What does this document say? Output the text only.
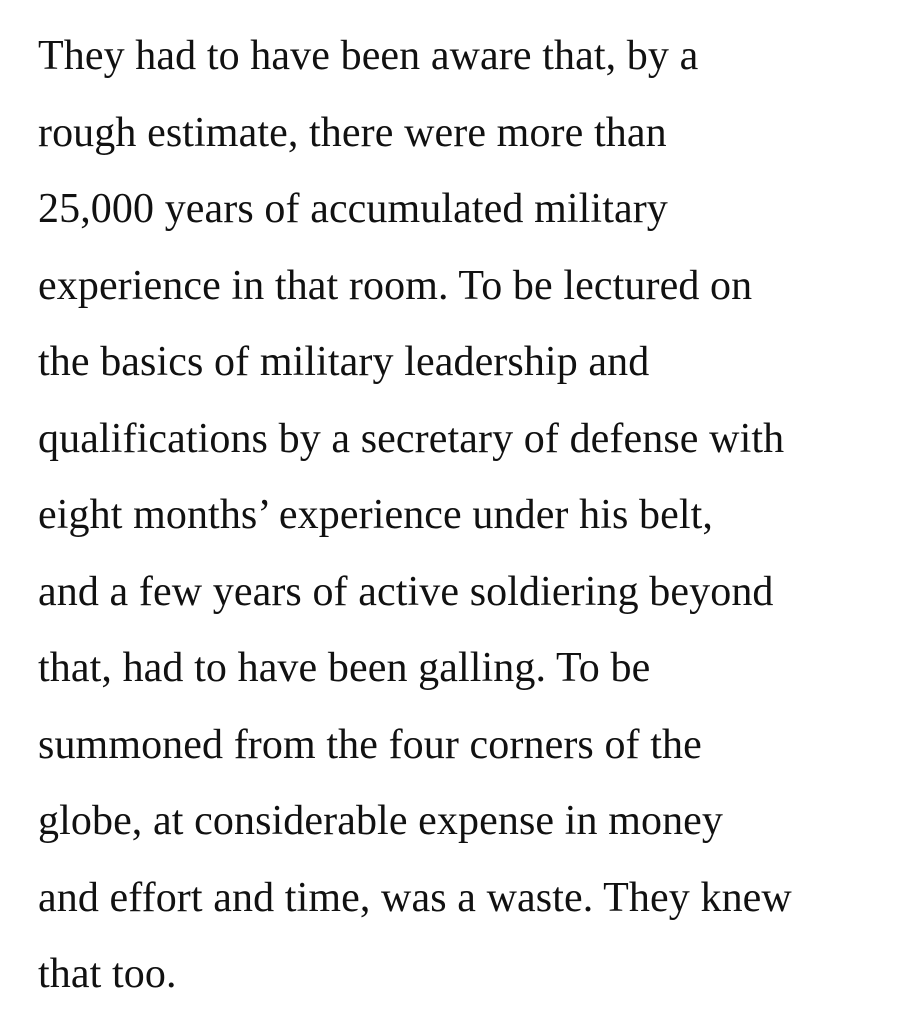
They had to have been aware that, by a
rough estimate, there were more than
25,000 years of accumulated military
experience in that room. To be lectured on
the basics of military leadership and
qualifications by a secretary of defense with
eight months’ experience under his belt,
and a few years of active soldiering beyond
that, had to have been galling. To be
summoned from the four corners of the
globe, at considerable expense in money
and effort and time, was a waste. They knew
that too.
